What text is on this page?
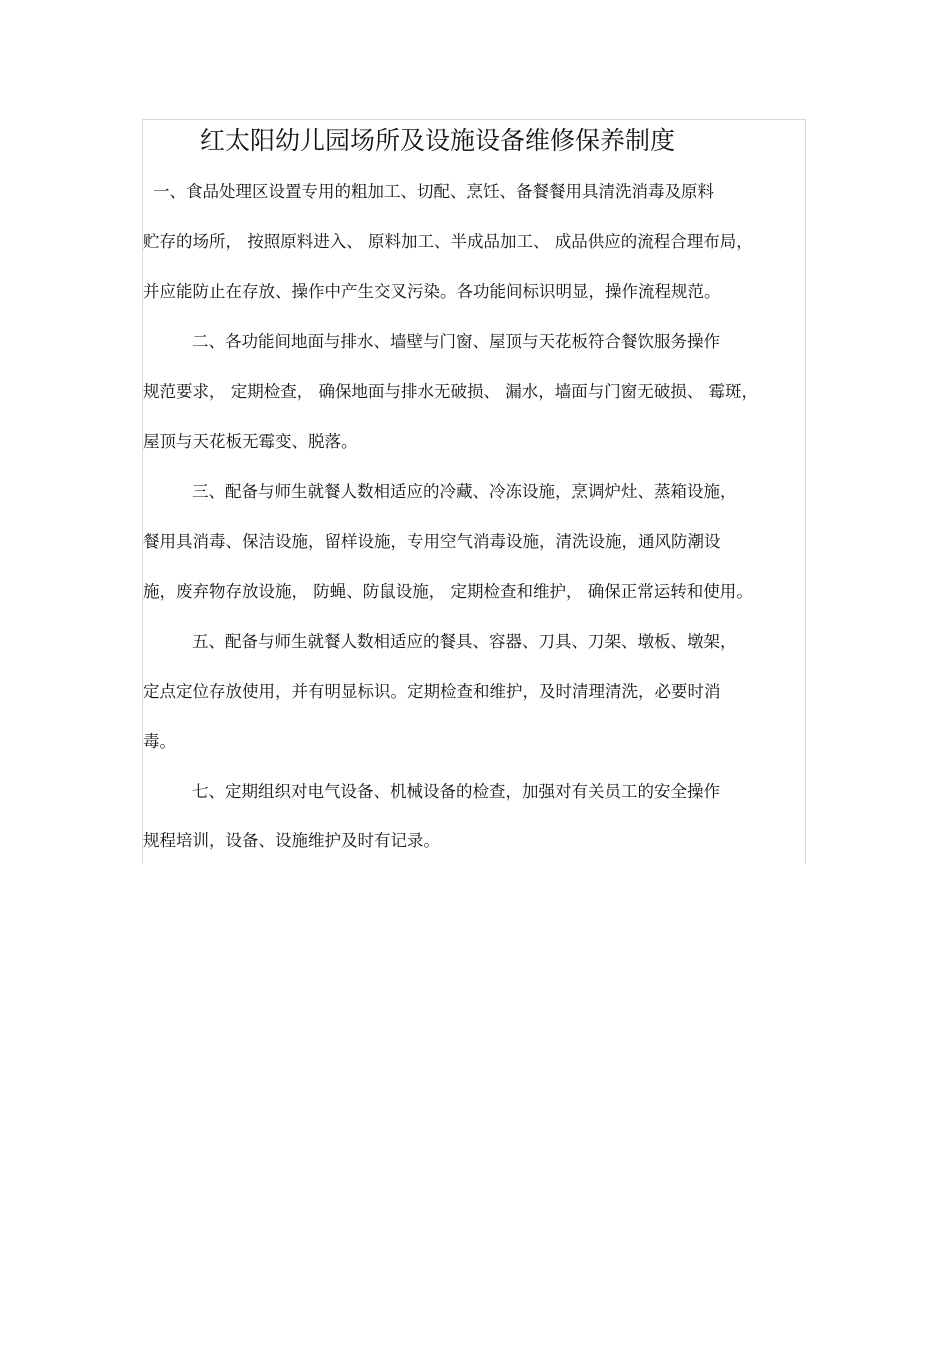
红太阳幼儿园场所及设施设备维修保养制度
一、食品处理区设置专用的粗加工、切配、烹饪、备餐餐用具清洗消毒及原料
贮存的场所， 按照原料进入、 原料加工、半成品加工、 成品供应的流程合理布局，
并应能防止在存放、操作中产生交叉污染。各功能间标识明显，操作流程规范。
二、各功能间地面与排水、墙壁与门窗、屋顶与天花板符合餐饮服务操作
规范要求， 定期检查， 确保地面与排水无破损、 漏水，墙面与门窗无破损、 霉斑，
屋顶与天花板无霉变、脱落。
三、配备与师生就餐人数相适应的冷藏、冷冻设施，烹调炉灶、蒸箱设施，
餐用具消毒、保洁设施，留样设施，专用空气消毒设施，清洗设施，通风防潮设
施，废弃物存放设施， 防蝇、防鼠设施， 定期检查和维护， 确保正常运转和使用。
五、配备与师生就餐人数相适应的餐具、容器、刀具、刀架、墩板、墩架，
定点定位存放使用，并有明显标识。定期检查和维护，及时清理清洗，必要时消
毒。
七、定期组织对电气设备、机械设备的检查，加强对有关员工的安全操作
规程培训，设备、设施维护及时有记录。
